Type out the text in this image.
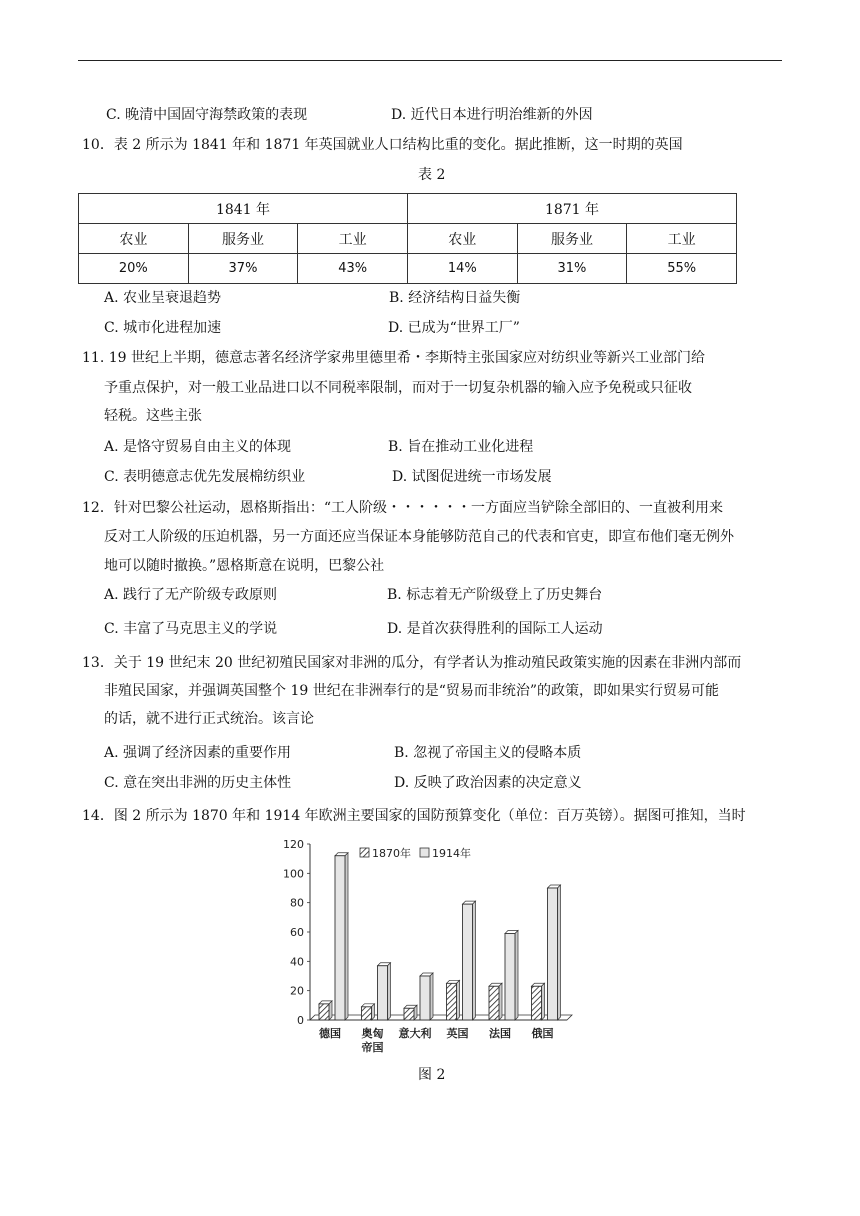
C. 晚清中国固守海禁政策的表现	D. 近代日本进行明治维新的外因
10．表 2 所示为 1841 年和 1871 年英国就业人口结构比重的变化。据此推断，这一时期的英国
表 2
1841 年			1871 年		
农业	服务业	工业	农业	服务业	工业
20%	37%	43%	14%	31%	55%
A. 农业呈衰退趋势	B. 经济结构日益失衡
C. 城市化进程加速	D. 已成为“世界工厂”
11. 19 世纪上半期，德意志著名经济学家弗里德里希・李斯特主张国家应对纺织业等新兴工业部门给
予重点保护，对一般工业品进口以不同税率限制，而对于一切复杂机器的输入应予免税或只征收
轻税。这些主张
A. 是恪守贸易自由主义的体现	B. 旨在推动工业化进程
C. 表明德意志优先发展棉纺织业	D. 试图促进统一市场发展
12．针对巴黎公社运动，恩格斯指出：“工人阶级・・・・・・一方面应当铲除全部旧的、一直被利用来
反对工人阶级的压迫机器，另一方面还应当保证本身能够防范自己的代表和官吏，即宣布他们毫无例外
地可以随时撤换。”恩格斯意在说明，巴黎公社
A. 践行了无产阶级专政原则	B. 标志着无产阶级登上了历史舞台
C. 丰富了马克思主义的学说	D. 是首次获得胜利的国际工人运动
13．关于 19 世纪末 20 世纪初殖民国家对非洲的瓜分，有学者认为推动殖民政策实施的因素在非洲内部而
非殖民国家，并强调英国整个 19 世纪在非洲奉行的是“贸易而非统治”的政策，即如果实行贸易可能
的话，就不进行正式统治。该言论
A. 强调了经济因素的重要作用	B. 忽视了帝国主义的侵略本质
C. 意在突出非洲的历史主体性	D. 反映了政治因素的决定意义
14．图 2 所示为 1870 年和 1914 年欧洲主要国家的国防预算变化（单位：百万英镑）。据图可推知，当时
0
20
40
60
80
100
120
德国 奥匈
帝国
意大利 英国 法国 俄国
1870年 1914年
图 2
